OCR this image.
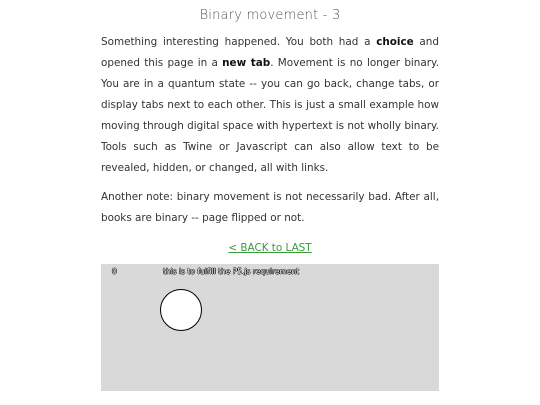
Binary movement - 3

Something interesting happened. You both had a choice and opened this page in a new tab. Movement is no longer binary. You are in a quantum state -- you can go back, change tabs, or display tabs next to each other. This is just a small example how moving through digital space with hypertext is not wholly binary. Tools such as Twine or Javascript can also allow text to be revealed, hidden, or changed, all with links.

Another note: binary movement is not necessarily bad. After all, books are binary -- page flipped or not.

< BACK to LAST
0	this is to fulfill the P5.js requirement
